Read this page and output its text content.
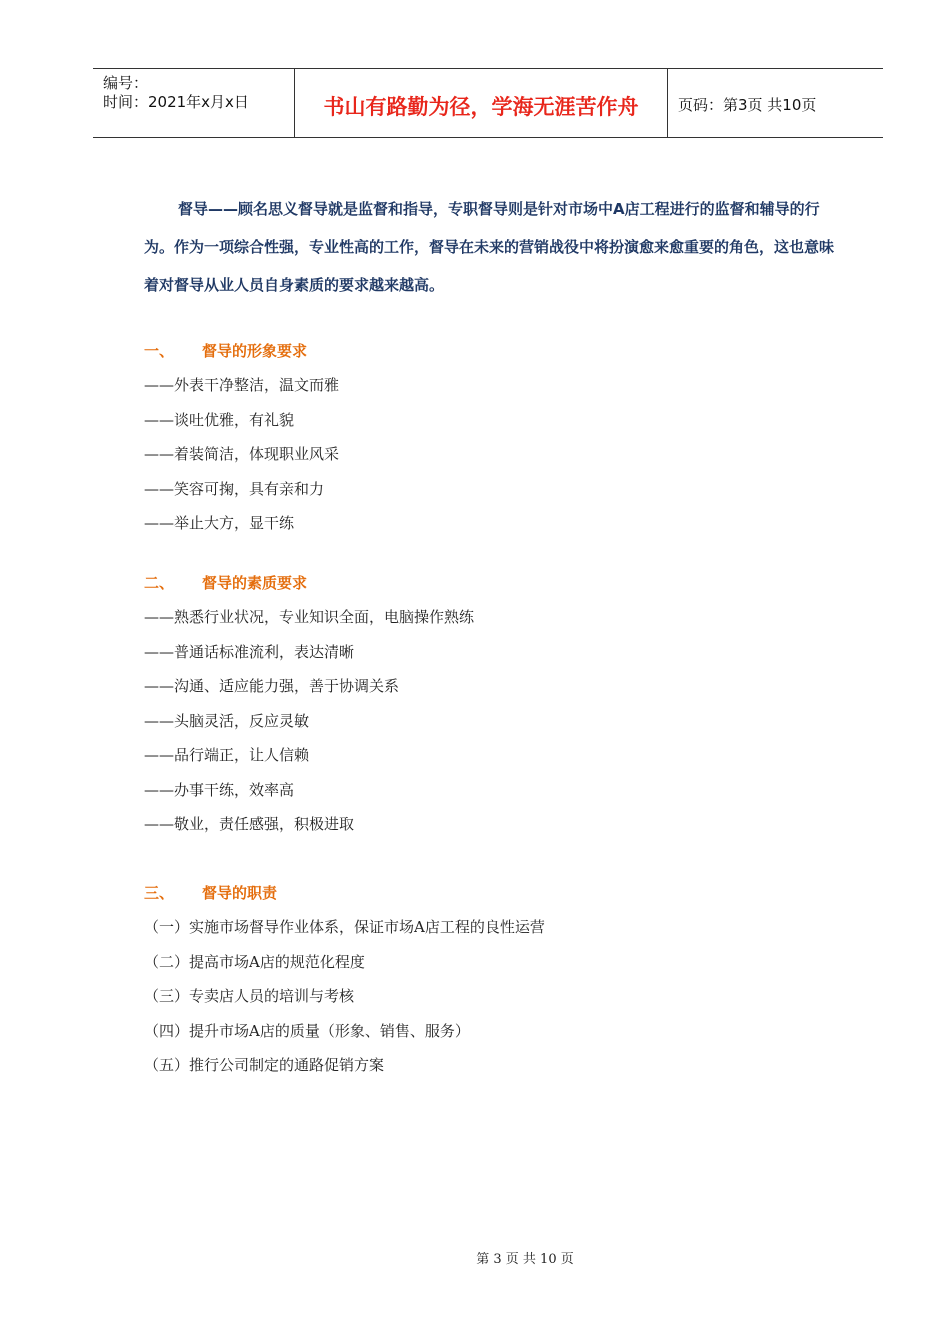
编号：
时间：2021年x月x日	书山有路勤为径，学海无涯苦作舟	页码：第3页 共10页

督导——顾名思义督导就是监督和指导，专职督导则是针对市场中A店工程进行的监督和辅导的行为。作为一项综合性强，专业性高的工作，督导在未来的营销战役中将扮演愈来愈重要的角色，这也意味着对督导从业人员自身素质的要求越来越高。

一、 督导的形象要求
——外表干净整洁，温文而雅
——谈吐优雅，有礼貌
——着装简洁，体现职业风采
——笑容可掬，具有亲和力
——举止大方，显干练
二、 督导的素质要求
——熟悉行业状况，专业知识全面，电脑操作熟练
——普通话标准流利，表达清晰
——沟通、适应能力强，善于协调关系
——头脑灵活，反应灵敏
——品行端正，让人信赖
——办事干练，效率高
——敬业，责任感强，积极进取
三、 督导的职责
（一）实施市场督导作业体系，保证市场A店工程的良性运营
（二）提高市场A店的规范化程度
（三）专卖店人员的培训与考核
（四）提升市场A店的质量（形象、销售、服务）
（五）推行公司制定的通路促销方案
第 3 页 共 10 页
